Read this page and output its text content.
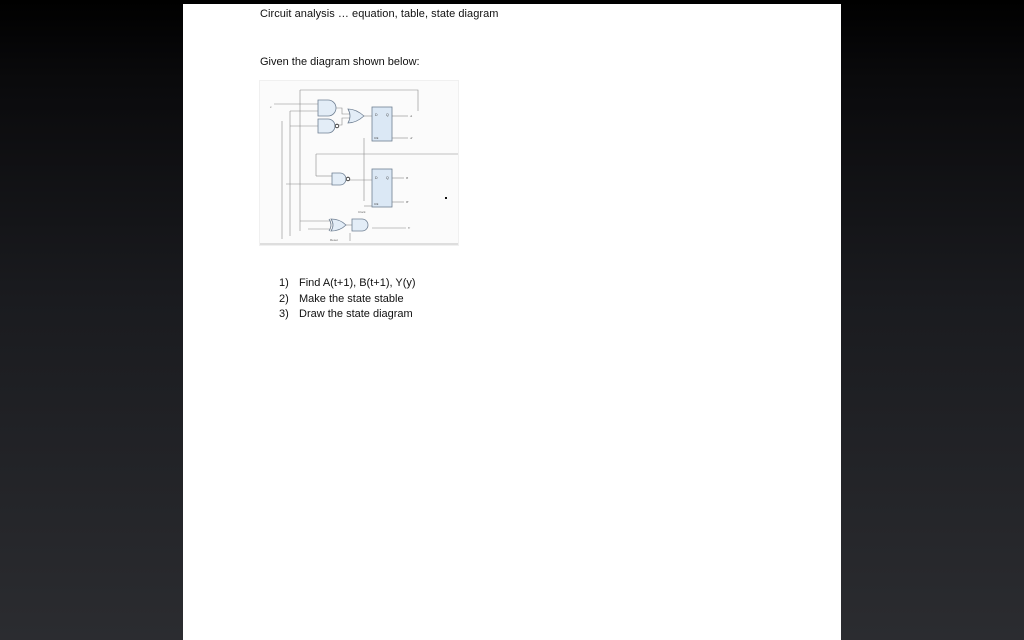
Circuit analysis … equation, table, state diagram
Given the diagram shown below:
D Q
Clk
A
A'
D Q
Clk
B
B'
Clock
Y
Reset
x
1) Find A(t+1), B(t+1), Y(y)
2) Make the state stable
3) Draw the state diagram
